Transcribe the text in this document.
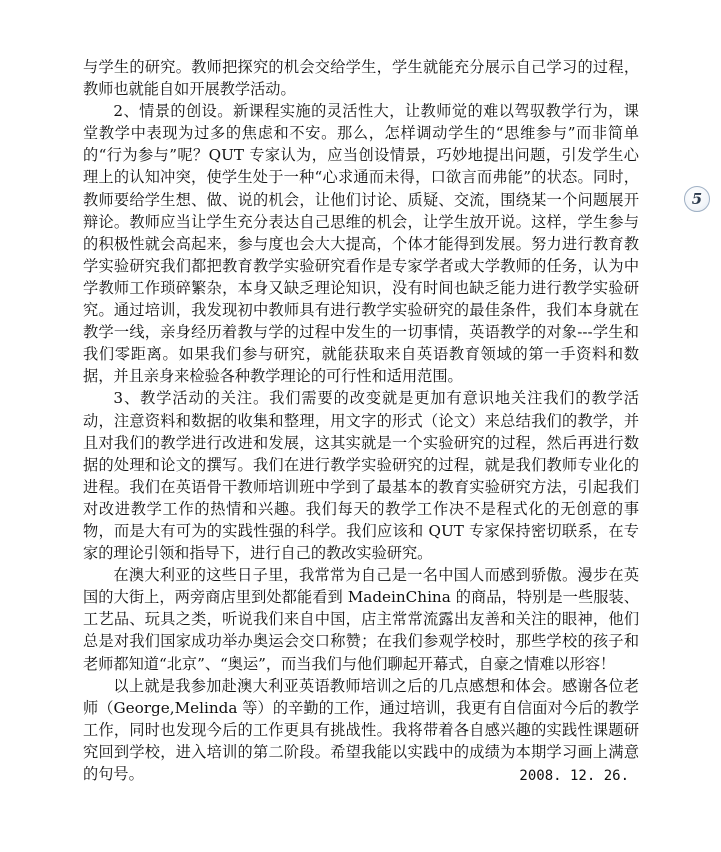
与学生的研究。教师把探究的机会交给学生，学生就能充分展示自己学习的过程，教师也就能自如开展教学活动。

2、情景的创设。新课程实施的灵活性大，让教师觉的难以驾驭教学行为，课堂教学中表现为过多的焦虑和不安。那么，怎样调动学生的“思维参与”而非简单的“行为参与”呢？QUT 专家认为，应当创设情景，巧妙地提出问题，引发学生心理上的认知冲突，使学生处于一种“心求通而未得，口欲言而弗能”的状态。同时，教师要给学生想、做、说的机会，让他们讨论、质疑、交流，围绕某一个问题展开辩论。教师应当让学生充分表达自己思维的机会，让学生放开说。这样，学生参与的积极性就会高起来，参与度也会大大提高，个体才能得到发展。努力进行教育教学实验研究我们都把教育教学实验研究看作是专家学者或大学教师的任务，认为中学教师工作琐碎繁杂，本身又缺乏理论知识，没有时间也缺乏能力进行教学实验研究。通过培训，我发现初中教师具有进行教学实验研究的最佳条件，我们本身就在教学一线，亲身经历着教与学的过程中发生的一切事情，英语教学的对象---学生和我们零距离。如果我们参与研究，就能获取来自英语教育领域的第一手资料和数据，并且亲身来检验各种教学理论的可行性和适用范围。

3、教学活动的关注。我们需要的改变就是更加有意识地关注我们的教学活动，注意资料和数据的收集和整理，用文字的形式（论文）来总结我们的教学，并且对我们的教学进行改进和发展，这其实就是一个实验研究的过程，然后再进行数据的处理和论文的撰写。我们在进行教学实验研究的过程，就是我们教师专业化的进程。我们在英语骨干教师培训班中学到了最基本的教育实验研究方法，引起我们对改进教学工作的热情和兴趣。我们每天的教学工作决不是程式化的无创意的事物，而是大有可为的实践性强的科学。我们应该和 QUT 专家保持密切联系，在专家的理论引领和指导下，进行自己的教改实验研究。

在澳大利亚的这些日子里，我常常为自己是一名中国人而感到骄傲。漫步在英国的大街上，两旁商店里到处都能看到 MadeinChina 的商品，特别是一些服装、工艺品、玩具之类，听说我们来自中国，店主常常流露出友善和关注的眼神，他们总是对我们国家成功举办奥运会交口称赞；在我们参观学校时，那些学校的孩子和老师都知道“北京”、“奥运”，而当我们与他们聊起开幕式，自豪之情难以形容！

以上就是我参加赴澳大利亚英语教师培训之后的几点感想和体会。感谢各位老师（George,Melinda 等）的辛勤的工作，通过培训，我更有自信面对今后的教学工作，同时也发现今后的工作更具有挑战性。我将带着各自感兴趣的实践性课题研究回到学校，进入培训的第二阶段。希望我能以实践中的成绩为本期学习画上满意的句号。	2008. 12. 26.
5
